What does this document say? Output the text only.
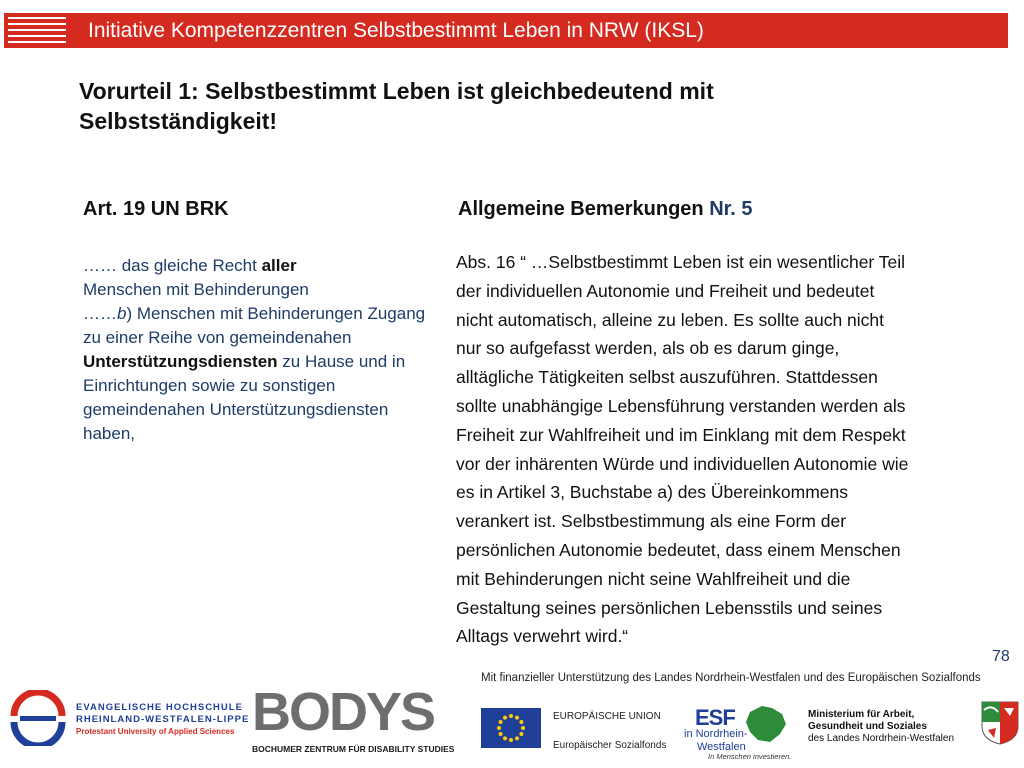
Initiative Kompetenzzentren Selbstbestimmt Leben in NRW (IKSL)
Vorurteil 1: Selbstbestimmt Leben ist gleichbedeutend mit
Selbstständigkeit!
Art. 19 UN BRK
…… das gleiche Recht aller
Menschen mit Behinderungen
……b) Menschen mit Behinderungen Zugang zu einer Reihe von gemeindenahen Unterstützungsdiensten zu Hause und in Einrichtungen sowie zu sonstigen gemeindenahen Unterstützungsdiensten haben,
Allgemeine Bemerkungen Nr. 5
Abs. 16 “ …Selbstbestimmt Leben ist ein wesentlicher Teil
der individuellen Autonomie und Freiheit und bedeutet
nicht automatisch, alleine zu leben. Es sollte auch nicht
nur so aufgefasst werden, als ob es darum ginge,
alltägliche Tätigkeiten selbst auszuführen. Stattdessen
sollte unabhängige Lebensführung verstanden werden als
Freiheit zur Wahlfreiheit und im Einklang mit dem Respekt
vor der inhärenten Würde und individuellen Autonomie wie
es in Artikel 3, Buchstabe a) des Übereinkommens
verankert ist. Selbstbestimmung als eine Form der
persönlichen Autonomie bedeutet, dass einem Menschen
mit Behinderungen nicht seine Wahlfreiheit und die
Gestaltung seines persönlichen Lebensstils und seines
Alltags verwehrt wird.“
78
Mit finanzieller Unterstützung des Landes Nordrhein-Westfalen und des Europäischen Sozialfonds
EVANGELISCHE HOCHSCHULE
RHEINLAND-WESTFALEN-LIPPE
Protestant University of Applied Sciences BODYS
BOCHUMER ZENTRUM FÜR DISABILITY STUDIES
EUROPÄISCHE UNION
Europäischer Sozialfonds
ESF
in Nordrhein-
Westfalen
In Menschen investieren.
Ministerium für Arbeit,
Gesundheit und Soziales
des Landes Nordrhein-Westfalen
